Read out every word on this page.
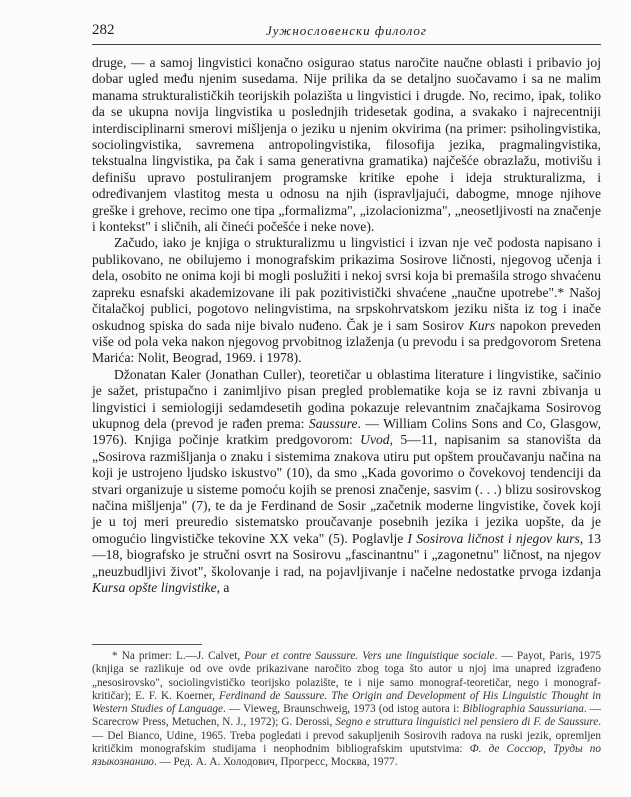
282	Јужнословенски филолог

druge, — a samoj lingvistici konačno osigurao status naročite naučne oblasti i pribavio joj dobar ugled među njenim susedama. Nije prilika da se detaljno suočavamo i sa ne malim manama strukturalističkih teorijskih polazišta u lingvistici i drugde. No, recimo, ipak, toliko da se ukupna novija lingvistika u poslednjih tridesetak godina, a svakako i najrecentniji interdisciplinarni smerovi mišljenja o jeziku u njenim okvirima (na primer: psiholingvistika, sociolingvistika, savremena antropolingvistika, filosofija jezika, pragmalingvistika, tekstualna lingvistika, pa čak i sama generativna gramatika) najčešće obrazlažu, motivišu i definišu upravo postuliranjem programske kritike epohe i ideja strukturalizma, i određivanjem vlastitog mesta u odnosu na njih (ispravljajući, dabogme, mnoge njihove greške i grehove, recimo one tipa „formalizma", „izolacionizma", „neosetljivosti na značenje i kontekst" i sličnih, ali čineći počešće i neke nove).

Začudo, iako je knjiga o strukturalizmu u lingvistici i izvan nje več podosta napisano i publikovano, ne obilujemo i monografskim prikazima Sosirove ličnosti, njegovog učenja i dela, osobito ne onima koji bi mogli poslužiti i nekoj svrsi koja bi premašila strogo shvaćenu zapreku esnafski akademizovane ili pak pozitivistički shvaćene „naučne upotrebe".* Našoj čitalačkoj publici, pogotovo nelingvistima, na srpskohrvatskom jeziku ništa iz tog i inače oskudnog spiska do sada nije bivalo nuđeno. Čak je i sam Sosirov Kurs napokon preveden više od pola veka nakon njegovog prvobitnog izlaženja (u prevodu i sa predgovorom Sretena Marića: Nolit, Beograd, 1969. i 1978).

Džonatan Kaler (Jonathan Culler), teoretičar u oblastima literature i lingvistike, sačinio je sažet, pristupačno i zanimljivo pisan pregled problematike koja se iz ravni zbivanja u lingvistici i semiologiji sedamdesetih godina pokazuje relevantnim značajkama Sosirovog ukupnog dela (prevod je rađen prema: Saussure. — William Colins Sons and Co, Glasgow, 1976). Knjiga počinje kratkim predgovorom: Uvod, 5—11, napisanim sa stanovišta da „Sosirova razmišljanja o znaku i sistemima znakova utiru put opštem proučavanju načina na koji je ustrojeno ljudsko iskustvo" (10), da smo „Kada govorimo o čovekovoj tendenciji da stvari organizuje u sisteme pomoću kojih se prenosi značenje, sasvim (. . .) blizu sosirovskog načina mišljenja" (7), te da je Ferdinand de Sosir „začetnik moderne lingvistike, čovek koji je u toj meri preuredio sistematsko proučavanje posebnih jezika i jezika uopšte, da je omogućio lingvističke tekovine XX veka" (5). Poglavlje I Sosirova ličnost i njegov kurs, 13—18, biografsko je stručni osvrt na Sosirovu „fascinantnu" i „zagonetnu" ličnost, na njegov „neuzbudljivi život", školovanje i rad, na pojavljivanje i načelne nedostatke prvoga izdanja Kursa opšte lingvistike, a

* Na primer: L.—J. Calvet, Pour et contre Saussure. Vers une linguistique sociale. — Payot, Paris, 1975 (knjiga se razlikuje od ove ovde prikazivane naročito zbog toga što autor u njoj ima unapred izgrađeno „nesosirovsko", sociolingvističko teorijsko polazište, te i nije samo monograf-teoretičar, nego i monograf-kritičar); E. F. K. Koerner, Ferdinand de Saussure. The Origin and Development of His Linguistic Thought in Western Studies of Language. — Vieweg, Braunschweig, 1973 (od istog autora i: Bibliographia Saussuriana. — Scarecrow Press, Metuchen, N. J., 1972); G. Derossi, Segno e struttura linguistici nel pensiero di F. de Saussure. — Del Bianco, Udine, 1965. Treba pogledati i prevod sakupljenih Sosirovih radova na ruski jezik, opremljen kritičkim monografskim studijama i neophodnim bibliografskim uputstvima: Ф. де Соссюр, Труды по языкознанию. — Ред. А. А. Холодович, Прогресс, Москва, 1977.
